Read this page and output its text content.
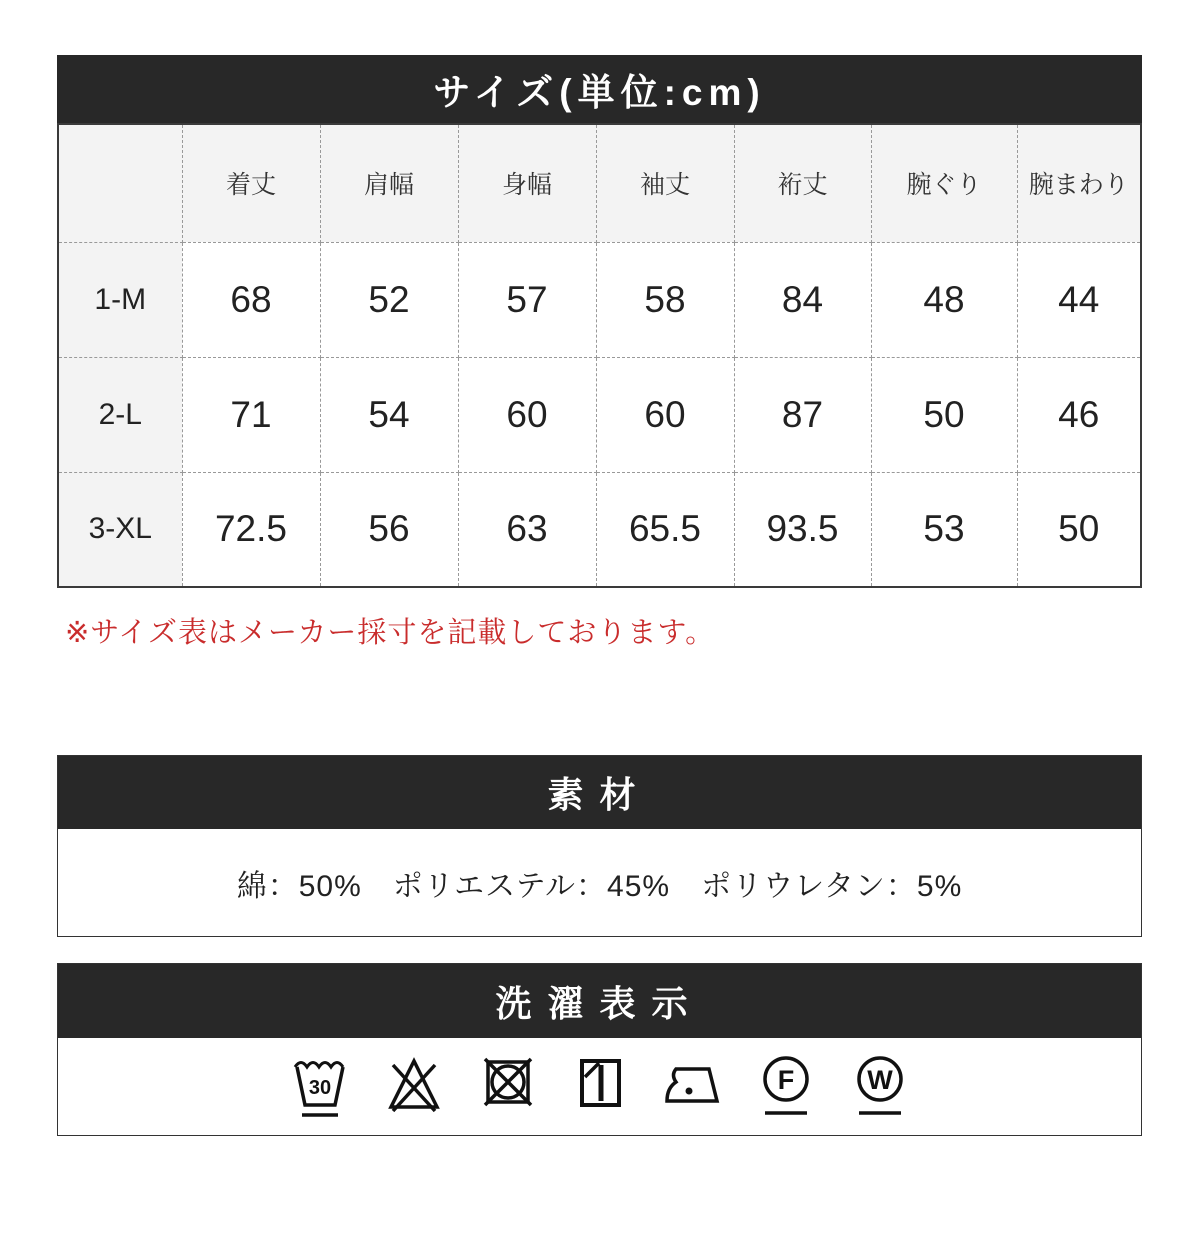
サイズ(単位:cm)
	着丈	肩幅	身幅	袖丈	裄丈	腕ぐり	腕まわり
1-M	68	52	57	58	84	48	44
2-L	71	54	60	60	87	50	46
3-XL	72.5	56	63	65.5	93.5	53	50
※サイズ表はメーカー採寸を記載しております。
素材
綿：50%　ポリエステル：45%　ポリウレタン：5%
洗濯表示
30	F	W
